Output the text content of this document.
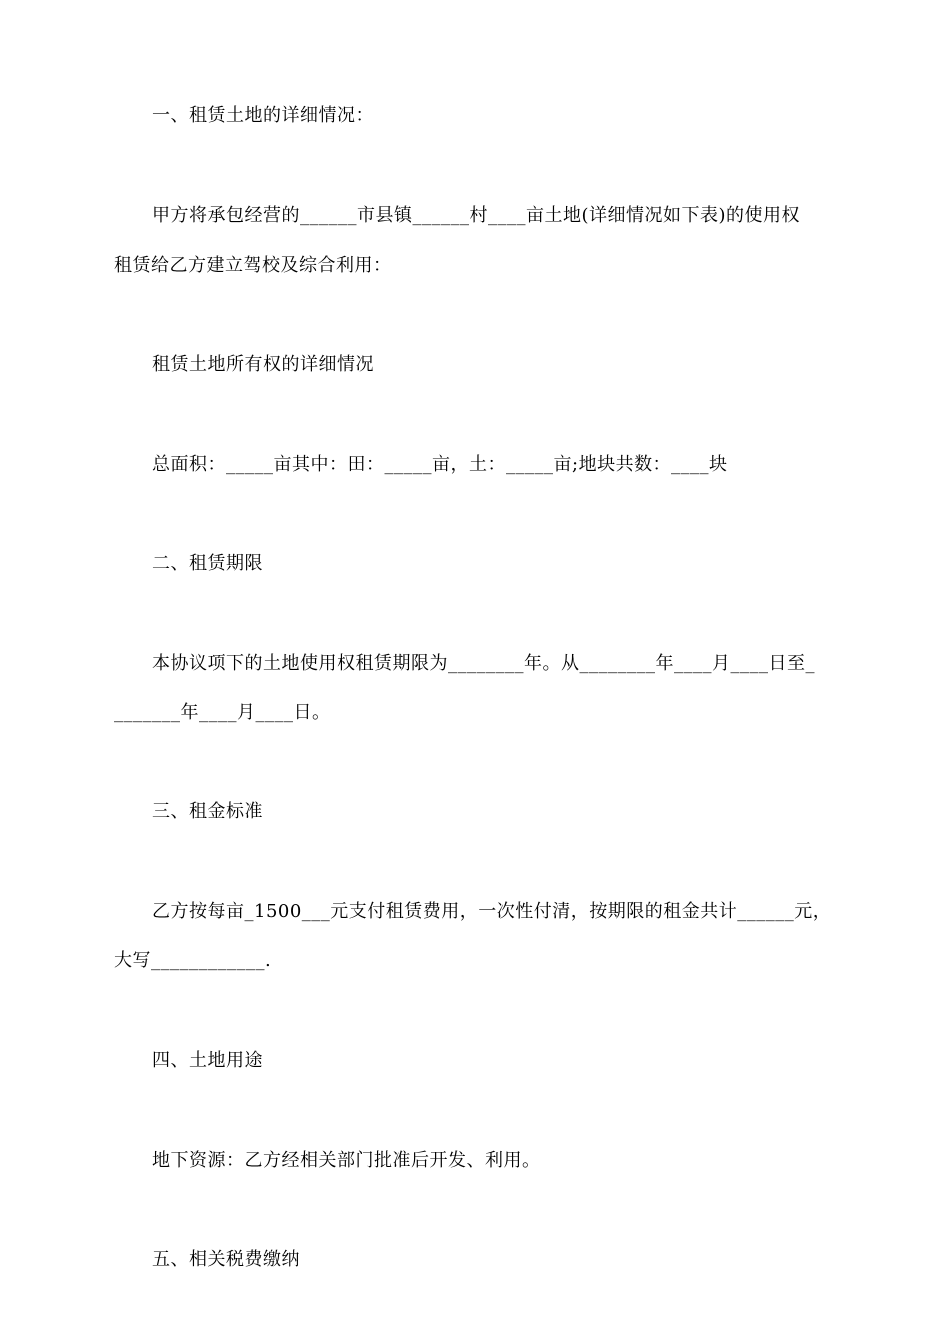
一、租赁土地的详细情况：
甲方将承包经营的______市县镇______村____亩土地(详细情况如下表)的使用权
租赁给乙方建立驾校及综合利用：
租赁土地所有权的详细情况
总面积：_____亩其中：田：_____亩，土：_____亩;地块共数：____块
二、租赁期限
本协议项下的土地使用权租赁期限为________年。从________年____月____日至_
_______年____月____日。
三、租金标准
乙方按每亩_1500___元支付租赁费用，一次性付清，按期限的租金共计______元，
大写____________.
四、土地用途
地下资源：乙方经相关部门批准后开发、利用。
五、相关税费缴纳
